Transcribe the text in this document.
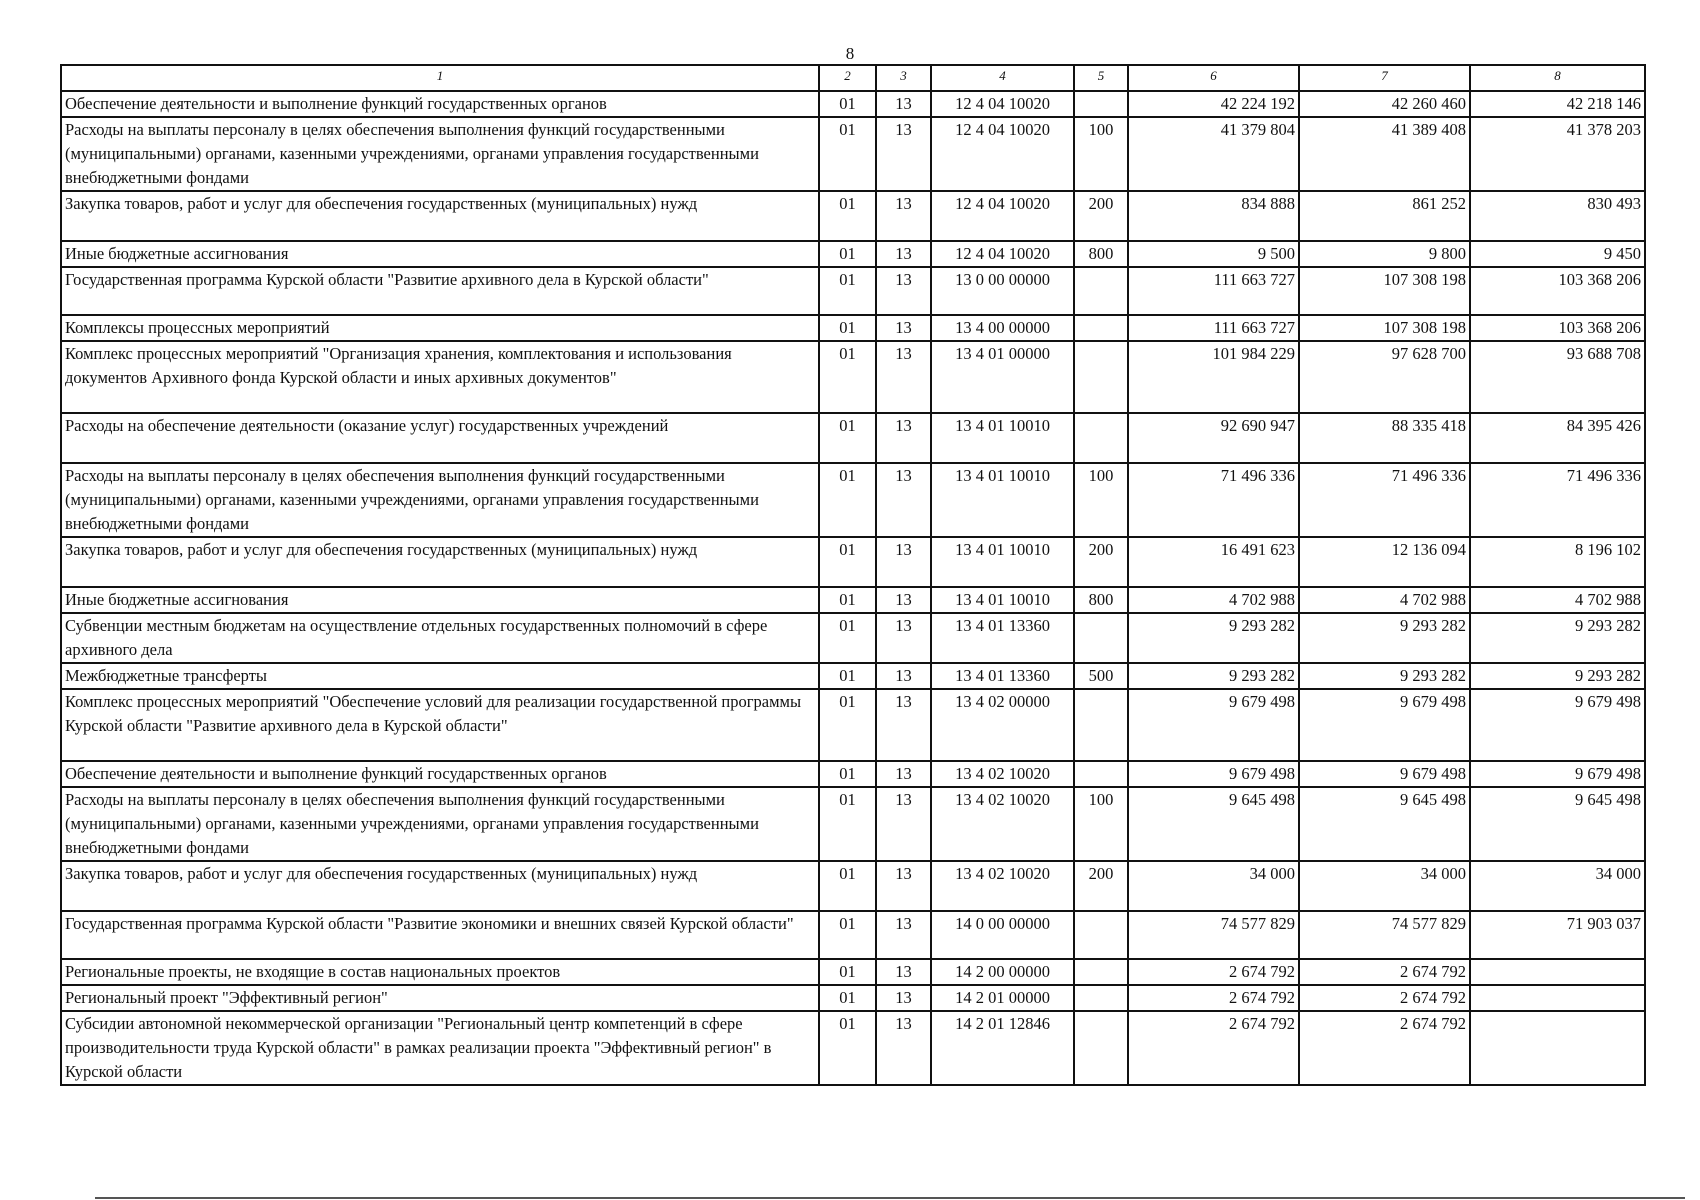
8
1	2	3	4	5	6	7	8
Обеспечение деятельности и выполнение функций государственных органов	01	13	12 4 04 10020		42 224 192	42 260 460	42 218 146
Расходы на выплаты персоналу в целях обеспечения выполнения функций государственными (муниципальными) органами, казенными учреждениями, органами управления государственными внебюджетными фондами	01	13	12 4 04 10020	100	41 379 804	41 389 408	41 378 203
Закупка товаров, работ и услуг для обеспечения государственных (муниципальных) нужд	01	13	12 4 04 10020	200	834 888	861 252	830 493
Иные бюджетные ассигнования	01	13	12 4 04 10020	800	9 500	9 800	9 450
Государственная программа Курской области "Развитие архивного дела в Курской области"	01	13	13 0 00 00000		111 663 727	107 308 198	103 368 206
Комплексы процессных мероприятий	01	13	13 4 00 00000		111 663 727	107 308 198	103 368 206
Комплекс процессных мероприятий "Организация хранения, комплектования и использования документов Архивного фонда Курской области и иных архивных документов"	01	13	13 4 01 00000		101 984 229	97 628 700	93 688 708
Расходы на обеспечение деятельности (оказание услуг) государственных учреждений	01	13	13 4 01 10010		92 690 947	88 335 418	84 395 426
Расходы на выплаты персоналу в целях обеспечения выполнения функций государственными (муниципальными) органами, казенными учреждениями, органами управления государственными внебюджетными фондами	01	13	13 4 01 10010	100	71 496 336	71 496 336	71 496 336
Закупка товаров, работ и услуг для обеспечения государственных (муниципальных) нужд	01	13	13 4 01 10010	200	16 491 623	12 136 094	8 196 102
Иные бюджетные ассигнования	01	13	13 4 01 10010	800	4 702 988	4 702 988	4 702 988
Субвенции местным бюджетам на осуществление отдельных государственных полномочий в сфере архивного дела	01	13	13 4 01 13360		9 293 282	9 293 282	9 293 282
Межбюджетные трансферты	01	13	13 4 01 13360	500	9 293 282	9 293 282	9 293 282
Комплекс процессных мероприятий "Обеспечение условий для реализации государственной программы Курской области "Развитие архивного дела в Курской области"	01	13	13 4 02 00000		9 679 498	9 679 498	9 679 498
Обеспечение деятельности и выполнение функций государственных органов	01	13	13 4 02 10020		9 679 498	9 679 498	9 679 498
Расходы на выплаты персоналу в целях обеспечения выполнения функций государственными (муниципальными) органами, казенными учреждениями, органами управления государственными внебюджетными фондами	01	13	13 4 02 10020	100	9 645 498	9 645 498	9 645 498
Закупка товаров, работ и услуг для обеспечения государственных (муниципальных) нужд	01	13	13 4 02 10020	200	34 000	34 000	34 000
Государственная программа Курской области "Развитие экономики и внешних связей Курской области"	01	13	14 0 00 00000		74 577 829	74 577 829	71 903 037
Региональные проекты, не входящие в состав национальных проектов	01	13	14 2 00 00000		2 674 792	2 674 792	
Региональный проект "Эффективный регион"	01	13	14 2 01 00000		2 674 792	2 674 792	
Субсидии автономной некоммерческой организации "Региональный центр компетенций в сфере производительности труда Курской области" в рамках реализации проекта "Эффективный регион" в Курской области	01	13	14 2 01 12846		2 674 792	2 674 792	
